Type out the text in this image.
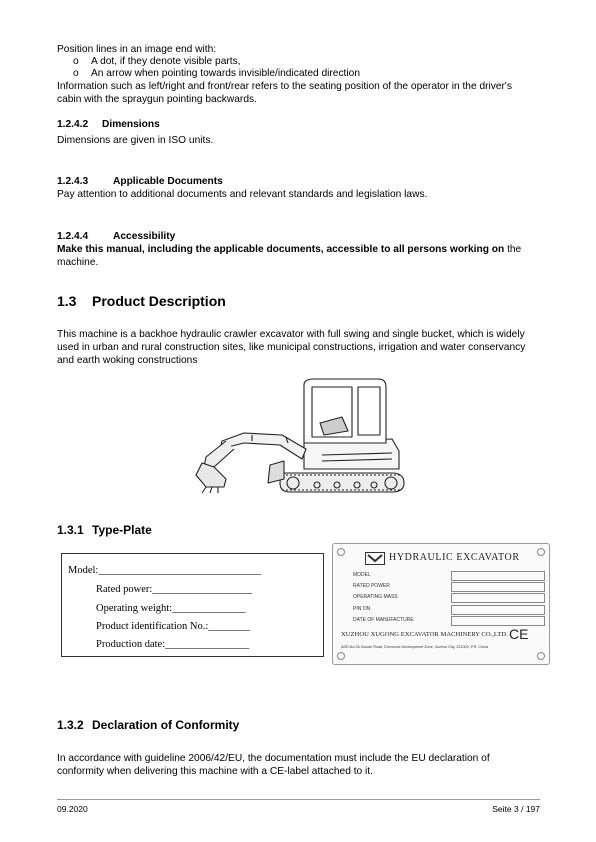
Position lines in an image end with:
o A dot, if they denote visible parts,
o An arrow when pointing towards invisible/indicated direction
Information such as left/right and front/rear refers to the seating position of the operator in the driver's
cabin with the spraygun pointing backwards.
1.2.4.2 Dimensions
Dimensions are given in ISO units.
1.2.4.3 Applicable Documents
Pay attention to additional documents and relevant standards and legislation laws.
1.2.4.4 Accessibility
Make this manual, including the applicable documents, accessible to all persons working on the
machine.
1.3 Product Description
This machine is a backhoe hydraulic crawler excavator with full swing and single bucket, which is widely
used in urban and rural construction sites, like municipal constructions, irrigation and water conservancy
and earth woking constructions
1.3.1 Type-Plate
Model:_______________________________
Rated power:___________________
Operating weight:______________
Product identification No.:________
Production date:________________
HYDRAULIC EXCAVATOR
MODEL
RATED POWER
OPERATING MASS
PIN ON
DATE OF MANUFACTURE
XUZHOU XUGONG EXCAVATOR MACHINERY CO.,LTD. CE
ADD:No.26 Gaoxin Road, Economic Development Zone, Xuzhou City, 221000, P.R. China
1.3.2 Declaration of Conformity
In accordance with guideline 2006/42/EU, the documentation must include the EU declaration of
conformity when delivering this machine with a CE-label attached to it.
09.2020	Seite 3 / 197
